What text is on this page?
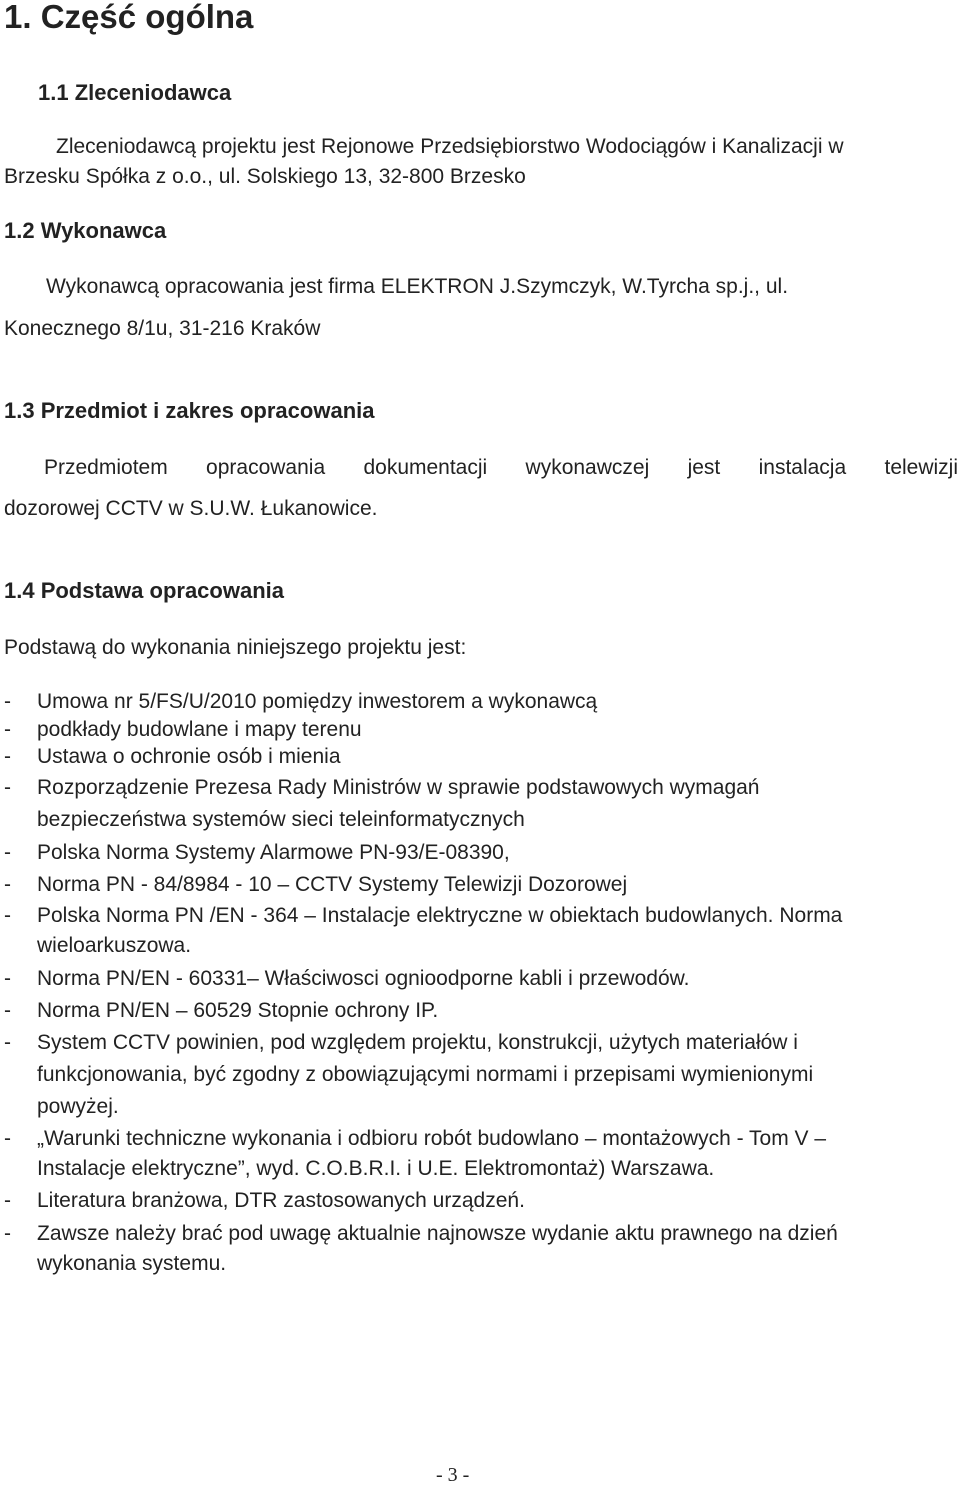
1. Część ogólna
1.1 Zleceniodawca
Zleceniodawcą projektu jest Rejonowe Przedsiębiorstwo Wodociągów i Kanalizacji w
Brzesku Spółka z o.o., ul. Solskiego 13, 32-800 Brzesko
1.2 Wykonawca
Wykonawcą opracowania jest firma ELEKTRON J.Szymczyk, W.Tyrcha sp.j., ul.
Konecznego 8/1u, 31-216 Kraków
1.3 Przedmiot i zakres opracowania
Przedmiotem opracowania dokumentacji wykonawczej jest instalacja telewizji
dozorowej CCTV w S.U.W. Łukanowice.
1.4 Podstawa opracowania
Podstawą do wykonania niniejszego projektu jest:
- Umowa nr 5/FS/U/2010 pomiędzy inwestorem a wykonawcą
- podkłady budowlane i mapy terenu
- Ustawa o ochronie osób i mienia
- Rozporządzenie Prezesa Rady Ministrów w sprawie podstawowych wymagań
bezpieczeństwa systemów sieci teleinformatycznych
- Polska Norma Systemy Alarmowe PN-93/E-08390,
- Norma PN - 84/8984 - 10 – CCTV Systemy Telewizji Dozorowej
- Polska Norma PN /EN - 364 – Instalacje elektryczne w obiektach budowlanych. Norma
wieloarkuszowa.
- Norma PN/EN - 60331– Właściwosci ognioodporne kabli i przewodów.
- Norma PN/EN – 60529 Stopnie ochrony IP.
- System CCTV powinien, pod względem projektu, konstrukcji, użytych materiałów i
funkcjonowania, być zgodny z obowiązującymi normami i przepisami wymienionymi
powyżej.
- „Warunki techniczne wykonania i odbioru robót budowlano – montażowych - Tom V –
Instalacje elektryczne”, wyd. C.O.B.R.I. i U.E. Elektromontaż) Warszawa.
- Literatura branżowa, DTR zastosowanych urządzeń.
- Zawsze należy brać pod uwagę aktualnie najnowsze wydanie aktu prawnego na dzień
wykonania systemu.
- 3 -
